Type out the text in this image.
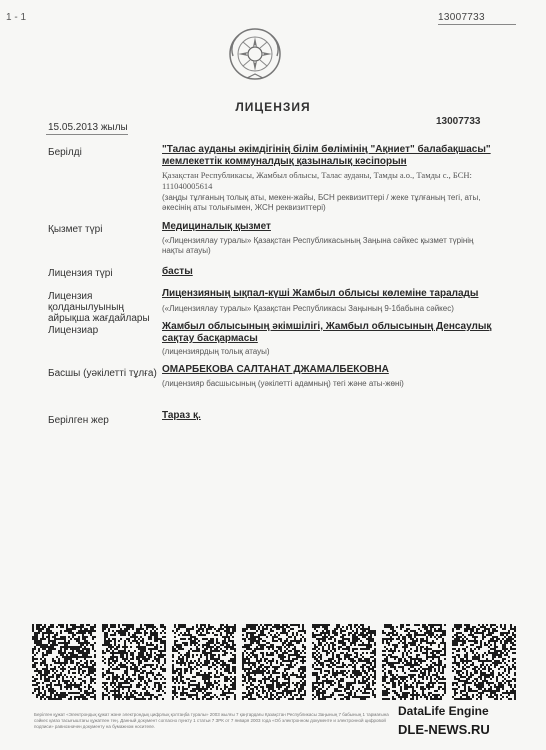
1 - 1	13007733
ЛИЦЕНЗИЯ
15.05.2013 жылы
13007733
Берілді	"Талас ауданы әкімдігінің білім бөлімінің "Ақниет" балабақшасы"
мемлекеттік коммуналдық қазыналық кәсіпорын
Қазақстан Республикасы, Жамбыл облысы, Талас ауданы, Тамды а.о., Тамды с., БСН:
111040005614
(заңды тұлғаның толық аты, мекен-жайы, БСН реквизиттері / жеке тұлғаның тегі, аты,
әкесінің аты толығымен, ЖСН реквизиттері)
Қызмет түрі	Медициналық қызмет
(«Лицензиялау туралы» Қазақстан Республикасының Заңына сәйкес қызмет түрінің
нақты атауы)
Лицензия түрі	басты
Лицензия
қолданылуының
айрықша жағдайлары
Лицензияның ықпал-күші Жамбыл облысы көлеміне таралады
(«Лицензиялау туралы» Қазақстан Республикасы Заңының 9-1бабына сәйкес)
Лицензиар	Жамбыл облысының әкімшілігі, Жамбыл облысының Денсаулық
сақтау басқармасы
(лицензиярдың толық атауы)
Басшы (уәкілетті тұлға) ОМАРБЕКОВА САЛТАНАТ ДЖАМАЛБЕКОВНА
(лицензияр басшысының (уәкілетті адамның) тегі және аты-жөні)
Берілген жер	Тараз қ.
Берілген құжат «Электрондық құжат және электрондық цифрлық қолтаңба туралы» 2003 жылғы 7 қаңтардағы Қазақстан Республикасы Заңының 7 бабының 1 тармағына сәйкес қағаз тасығыштағы құжатпен тең. Данный документ согласно пункту 1 статьи 7 ЗРК от 7 января 2003 года «Об электронном документе и электронной цифровой подписи» равнозначен документу на бумажном носителе.
DataLife Engine
DLE-NEWS.RU
